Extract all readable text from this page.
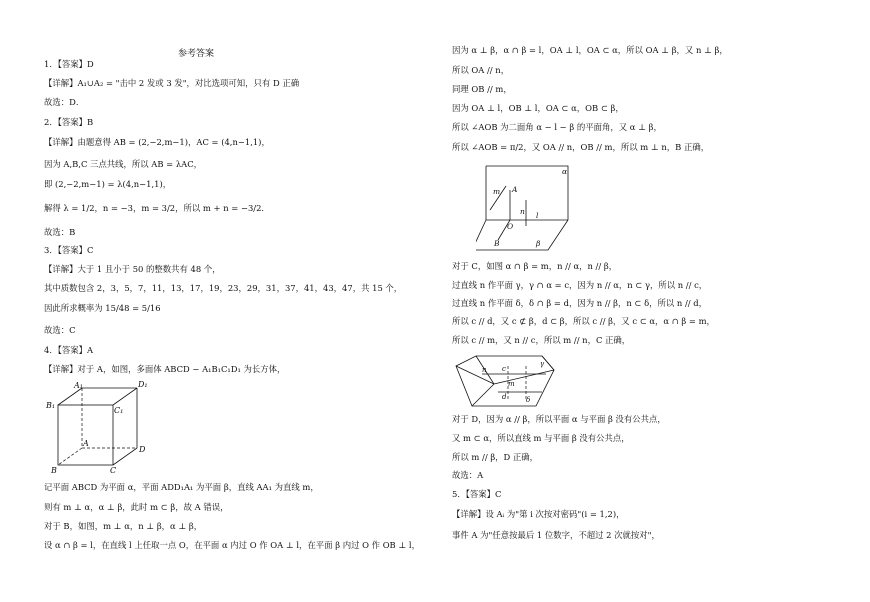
参考答案
1．【答案】D
【详解】A₁∪A₂ = "击中 2 发或 3 发"，对比选项可知，只有 D 正确
故选：D．
2．【答案】B
【详解】由题意得 AB = (2,−2,m−1)，AC = (4,n−1,1)，
因为 A,B,C 三点共线，所以 AB = λAC，
即 (2,−2,m−1) = λ(4,n−1,1)，
解得 λ = 1/2，n = −3，m = 3/2，所以 m + n = −3/2．
故选：B
3．【答案】C
【详解】大于 1 且小于 50 的整数共有 48 个，
其中质数包含 2，3，5，7，11，13，17，19，23，29，31，37，41，43，47，共 15 个，
因此所求概率为 15/48 = 5/16
故选：C
4．【答案】A
【详解】对于 A，如图，多面体 ABCD − A₁B₁C₁D₁ 为长方体，
记平面 ABCD 为平面 α，平面 ADD₁A₁ 为平面 β，直线 AA₁ 为直线 m，
则有 m ⊥ α，α ⊥ β，此时 m ⊂ β，故 A 错误，
对于 B，如图，m ⊥ α，n ⊥ β，α ⊥ β，
设 α ∩ β = l，在直线 l 上任取一点 O，在平面 α 内过 O 作 OA ⊥ l，在平面 β 内过 O 作 OB ⊥ l，
因为 α ⊥ β，α ∩ β = l，OA ⊥ l，OA ⊂ α，所以 OA ⊥ β，又 n ⊥ β，
所以 OA // n，
同理 OB // m，
因为 OA ⊥ l，OB ⊥ l，OA ⊂ α，OB ⊂ β，
所以 ∠AOB 为二面角 α − l − β 的平面角，又 α ⊥ β，
所以 ∠AOB = π/2，又 OA // n，OB // m，所以 m ⊥ n，B 正确，
对于 C，如图 α ∩ β = m，n // α，n // β，
过直线 n 作平面 γ，γ ∩ α = c，因为 n // α，n ⊂ γ，所以 n // c，
过直线 n 作平面 δ，δ ∩ β = d，因为 n // β，n ⊂ δ，所以 n // d，
所以 c // d，又 c ⊄ β，d ⊂ β，所以 c // β，又 c ⊂ α，α ∩ β = m，
所以 c // m，又 n // c，所以 m // n，C 正确，
对于 D，因为 α // β，所以平面 α 与平面 β 没有公共点，
又 m ⊂ α，所以直线 m 与平面 β 没有公共点，
所以 m // β，D 正确，
故选：A
5．【答案】C
【详解】设 Aᵢ 为"第 i 次按对密码"(i = 1,2)，
事件 A 为"任意按最后 1 位数字，不超过 2 次就按对"，
A₁	D₁
B₁
C₁
A
D
B	C
α
m A
n
O
l
B	β
n c
m
d	δ
γ
